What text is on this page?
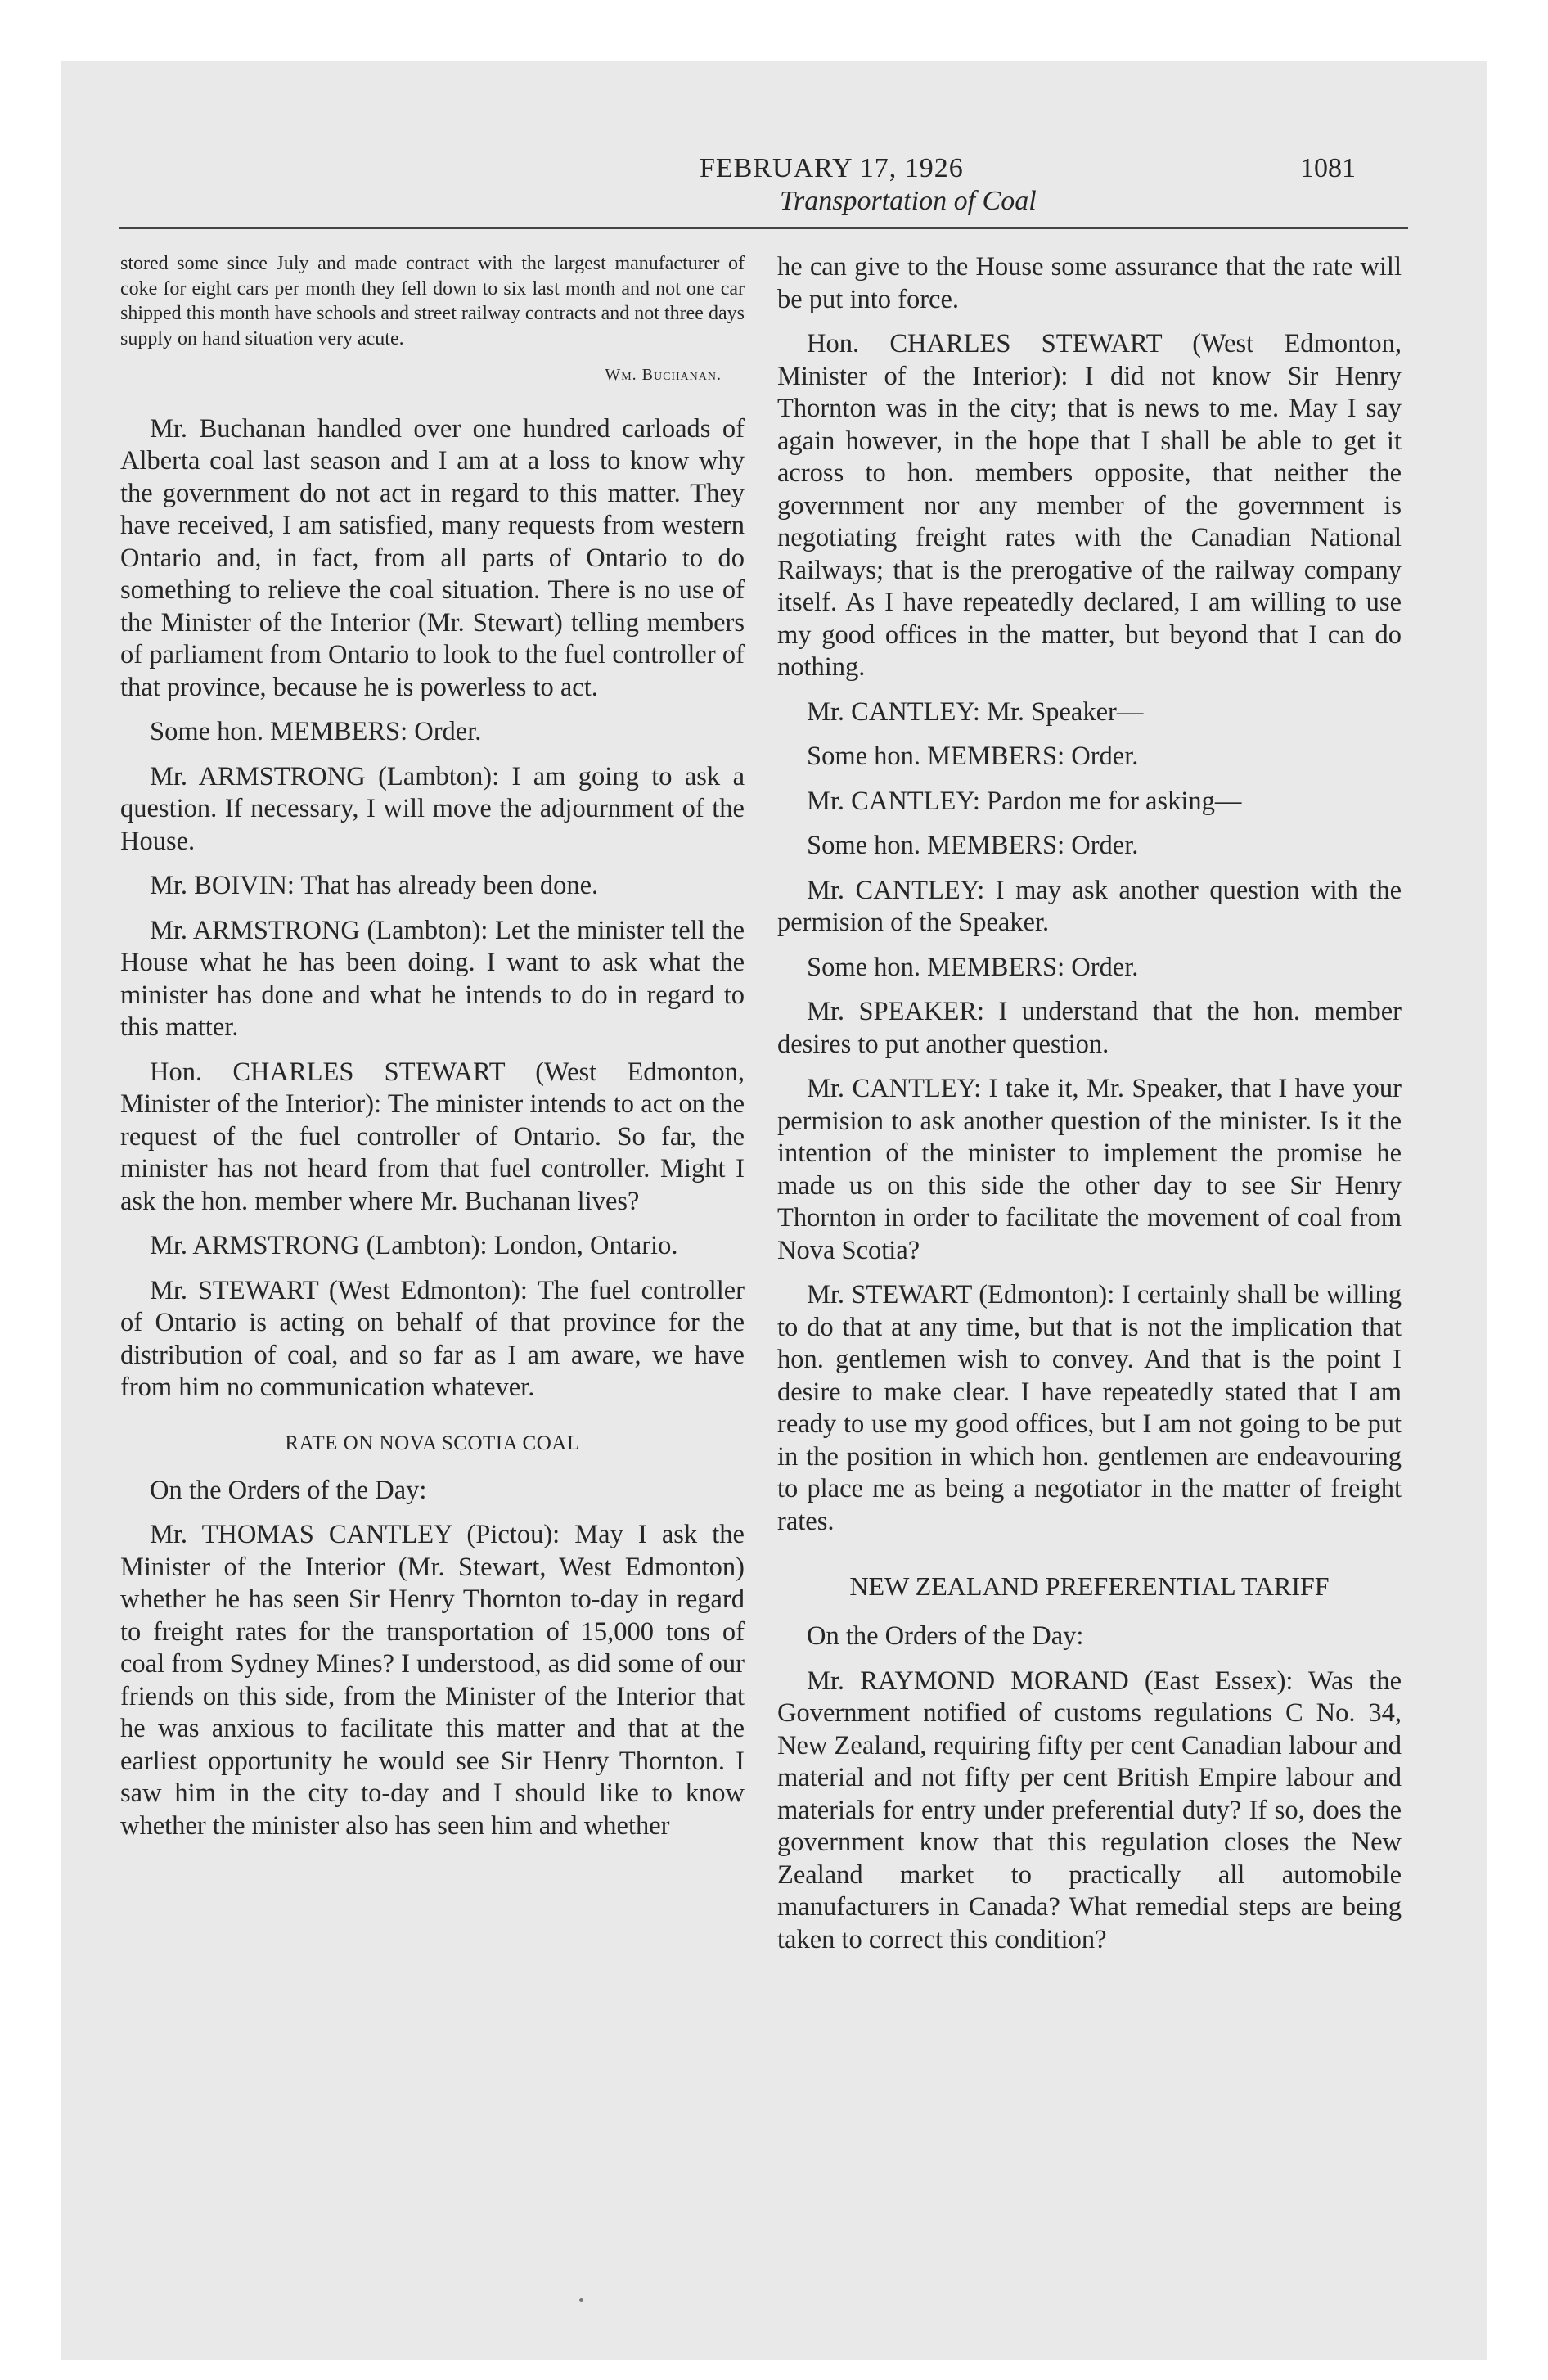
FEBRUARY 17, 1926	1081
Transportation of Coal

stored some since July and made contract with the largest manufacturer of coke for eight cars per month they fell down to six last month and not one car shipped this month have schools and street railway contracts and not three days supply on hand situation very acute.

Wm. Buchanan.

Mr. Buchanan handled over one hundred carloads of Alberta coal last season and I am at a loss to know why the government do not act in regard to this matter. They have received, I am satisfied, many requests from western Ontario and, in fact, from all parts of Ontario to do something to relieve the coal situation. There is no use of the Minister of the Interior (Mr. Stewart) telling members of parliament from Ontario to look to the fuel controller of that province, because he is powerless to act.

Some hon. MEMBERS: Order.

Mr. ARMSTRONG (Lambton): I am going to ask a question. If necessary, I will move the adjournment of the House.

Mr. BOIVIN: That has already been done.

Mr. ARMSTRONG (Lambton): Let the minister tell the House what he has been doing. I want to ask what the minister has done and what he intends to do in regard to this matter.

Hon. CHARLES STEWART (West Edmonton, Minister of the Interior): The minister intends to act on the request of the fuel controller of Ontario. So far, the minister has not heard from that fuel controller. Might I ask the hon. member where Mr. Buchanan lives?

Mr. ARMSTRONG (Lambton): London, Ontario.

Mr. STEWART (West Edmonton): The fuel controller of Ontario is acting on behalf of that province for the distribution of coal, and so far as I am aware, we have from him no communication whatever.

RATE ON NOVA SCOTIA COAL

On the Orders of the Day:

Mr. THOMAS CANTLEY (Pictou): May I ask the Minister of the Interior (Mr. Stewart, West Edmonton) whether he has seen Sir Henry Thornton to-day in regard to freight rates for the transportation of 15,000 tons of coal from Sydney Mines? I understood, as did some of our friends on this side, from the Minister of the Interior that he was anxious to facilitate this matter and that at the earliest opportunity he would see Sir Henry Thornton. I saw him in the city to-day and I should like to know whether the minister also has seen him and whether

he can give to the House some assurance that the rate will be put into force.

Hon. CHARLES STEWART (West Edmonton, Minister of the Interior): I did not know Sir Henry Thornton was in the city; that is news to me. May I say again however, in the hope that I shall be able to get it across to hon. members opposite, that neither the government nor any member of the government is negotiating freight rates with the Canadian National Railways; that is the prerogative of the railway company itself. As I have repeatedly declared, I am willing to use my good offices in the matter, but beyond that I can do nothing.

Mr. CANTLEY: Mr. Speaker—

Some hon. MEMBERS: Order.

Mr. CANTLEY: Pardon me for asking—

Some hon. MEMBERS: Order.

Mr. CANTLEY: I may ask another question with the permision of the Speaker.

Some hon. MEMBERS: Order.

Mr. SPEAKER: I understand that the hon. member desires to put another question.

Mr. CANTLEY: I take it, Mr. Speaker, that I have your permision to ask another question of the minister. Is it the intention of the minister to implement the promise he made us on this side the other day to see Sir Henry Thornton in order to facilitate the movement of coal from Nova Scotia?

Mr. STEWART (Edmonton): I certainly shall be willing to do that at any time, but that is not the implication that hon. gentlemen wish to convey. And that is the point I desire to make clear. I have repeatedly stated that I am ready to use my good offices, but I am not going to be put in the position in which hon. gentlemen are endeavouring to place me as being a negotiator in the matter of freight rates.

NEW ZEALAND PREFERENTIAL TARIFF

On the Orders of the Day:

Mr. RAYMOND MORAND (East Essex): Was the Government notified of customs regulations C No. 34, New Zealand, requiring fifty per cent Canadian labour and material and not fifty per cent British Empire labour and materials for entry under preferential duty? If so, does the government know that this regulation closes the New Zealand market to practically all automobile manufacturers in Canada? What remedial steps are being taken to correct this condition?
